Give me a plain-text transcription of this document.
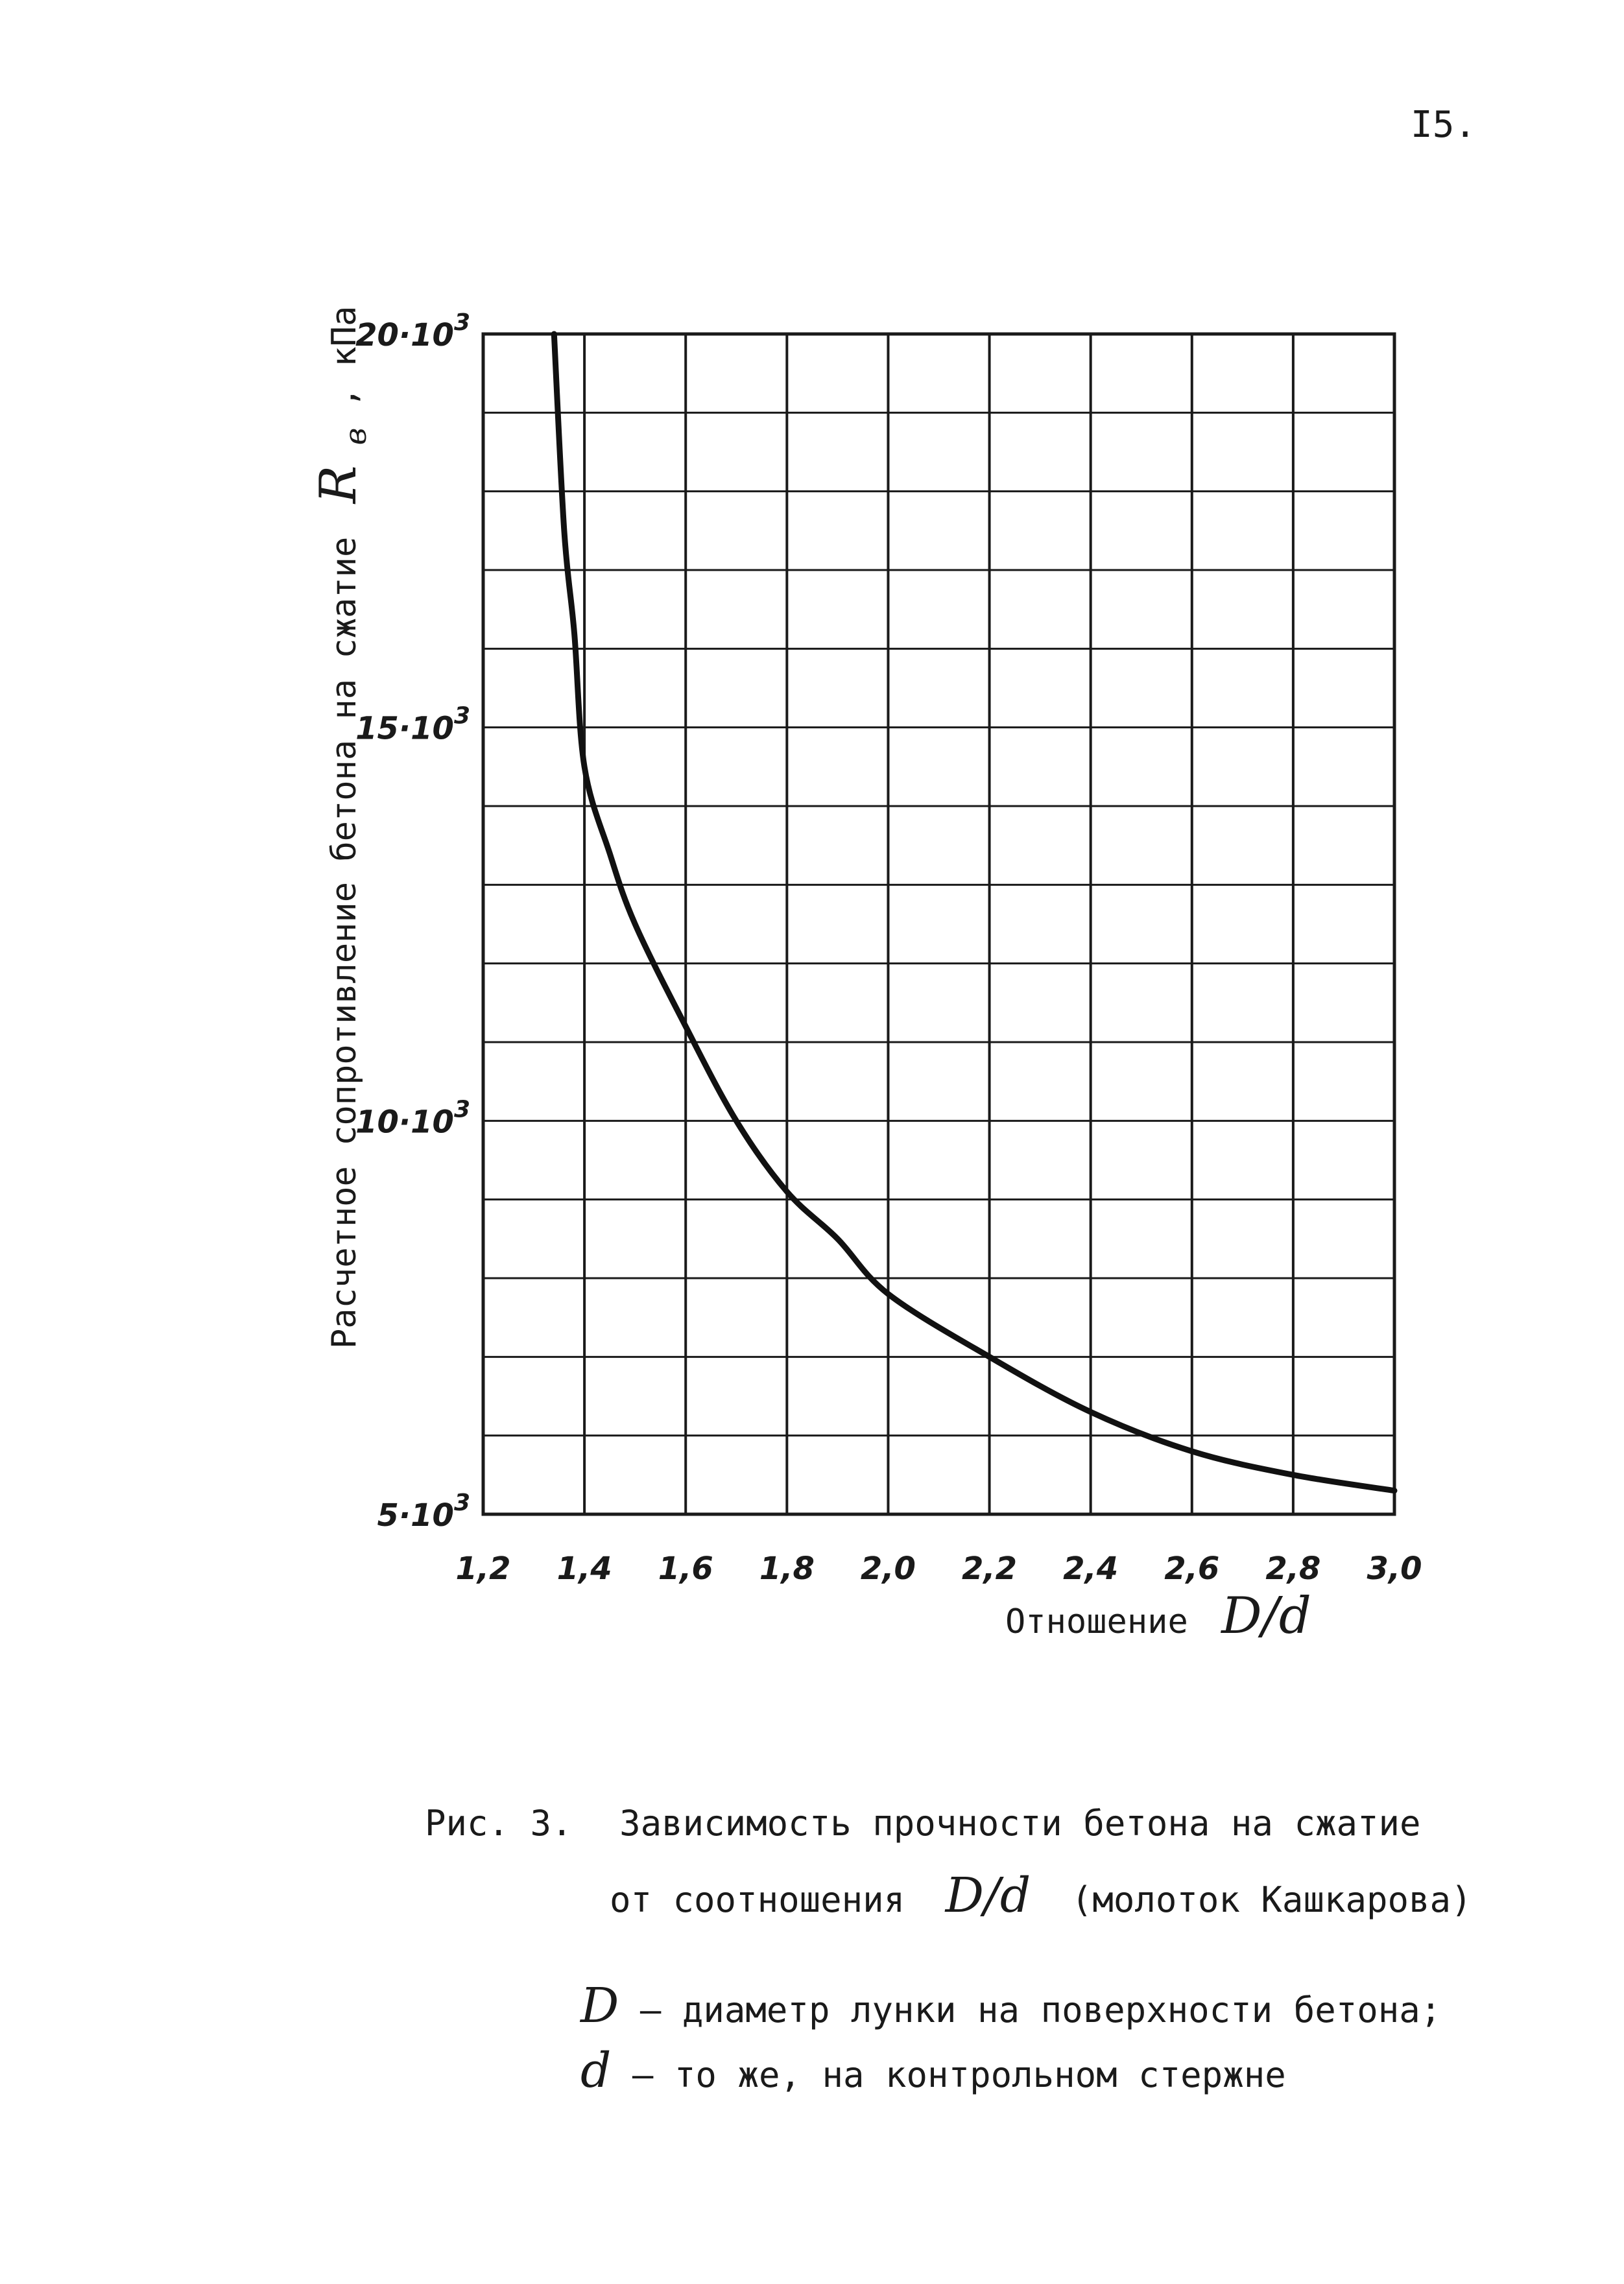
I5.
1,2 1,4 1,6 1,8 2,0 2,2 2,4 2,6 2,8 3,0
$20\cdot 10^3$
$15\cdot 10^3$
$10\cdot 10^3$
$5\cdot 10^3$
Отношение D/d
Расчетное сопротивление бетона на сжатие R в , кПа
Рис. 3. Зависимость прочности бетона на сжатие
от соотношения D/d (молоток Кашкарова)
D – диаметр лунки на поверхности бетона;
d – то же, на контрольном стержне
